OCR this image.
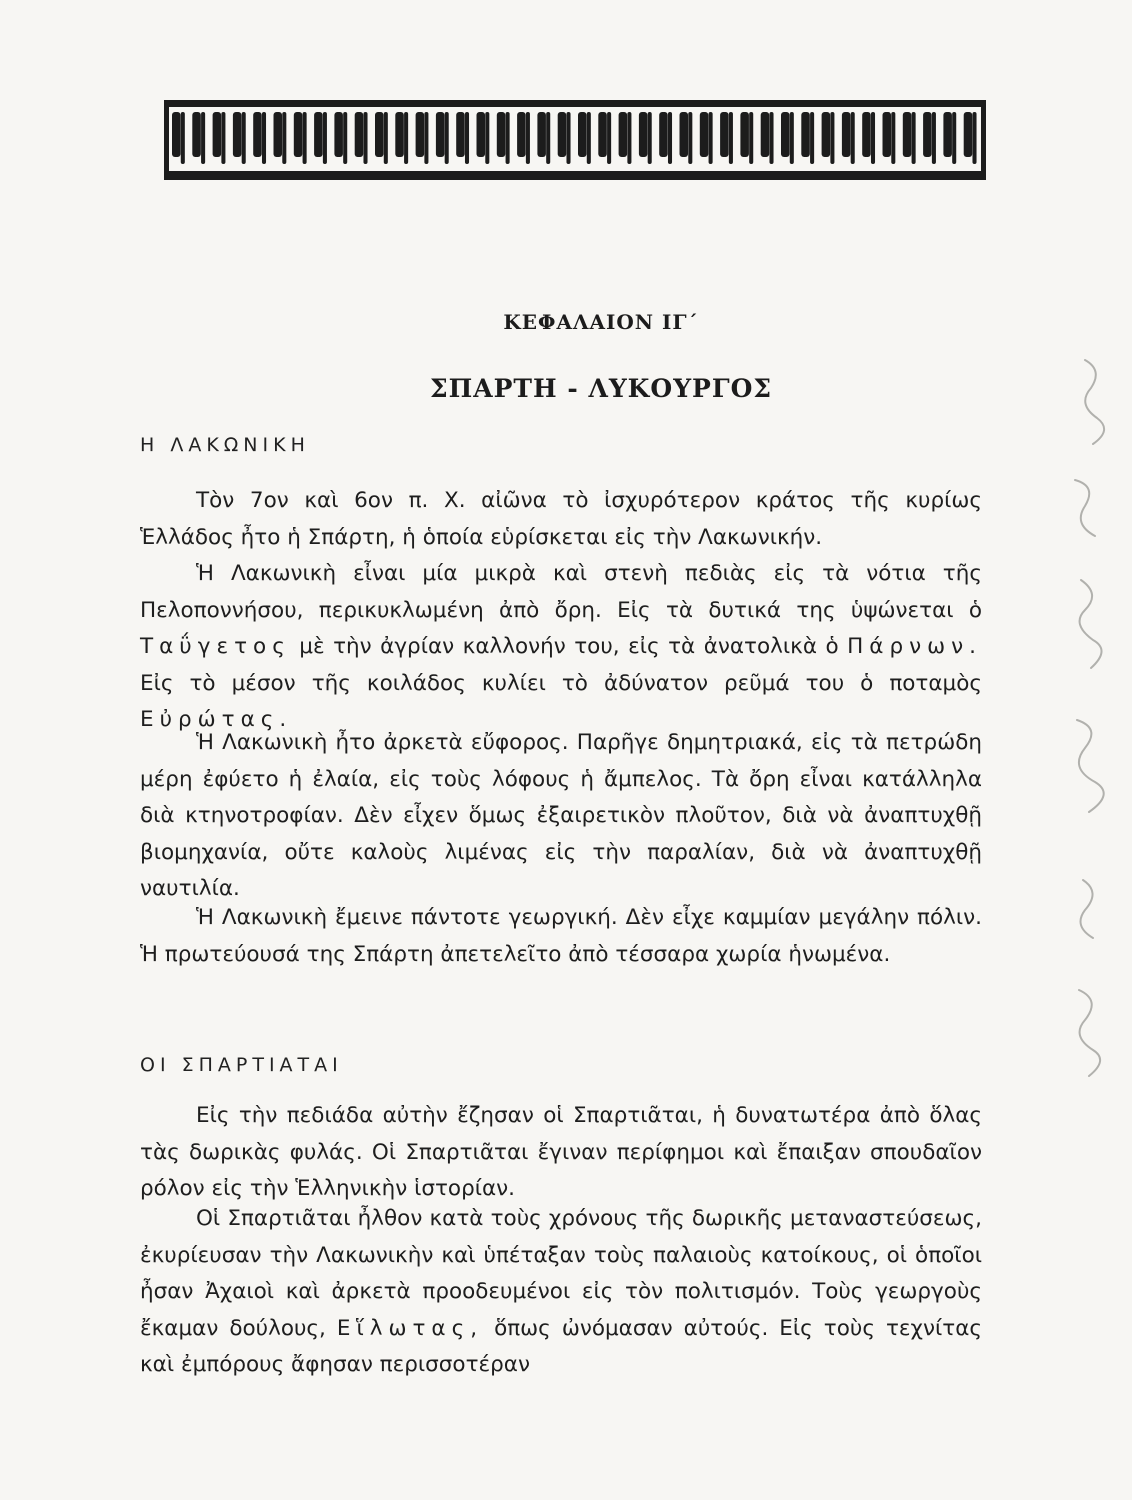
ΚΕΦΑΛΑΙΟΝ ΙΓ΄
ΣΠΑΡΤΗ - ΛΥΚΟΥΡΓΟΣ
Η ΛΑΚΩΝΙΚΗ

Τὸν 7ον καὶ 6ον π. Χ. αἰῶνα τὸ ἰσχυρότερον κράτος τῆς κυρίως Ἑλλάδος ἦτο ἡ Σπάρτη, ἡ ὁποία εὑρίσκεται εἰς τὴν Λακωνικήν.

Ἡ Λακωνικὴ εἶναι μία μικρὰ καὶ στενὴ πεδιὰς εἰς τὰ νότια τῆς Πελοποννήσου, περικυκλωμένη ἀπὸ ὄρη. Εἰς τὰ δυτικά της ὑψώνεται ὁ Ταΰγετος μὲ τὴν ἀγρίαν καλλονήν του, εἰς τὰ ἀνατολικὰ ὁ Πάρνων. Εἰς τὸ μέσον τῆς κοιλάδος κυλίει τὸ ἀδύνατον ρεῦμά του ὁ ποταμὸς Εὐρώτας.

Ἡ Λακωνικὴ ἦτο ἀρκετὰ εὔφορος. Παρῆγε δημητριακά, εἰς τὰ πετρώδη μέρη ἐφύετο ἡ ἐλαία, εἰς τοὺς λόφους ἡ ἄμπελος. Τὰ ὄρη εἶναι κατάλληλα διὰ κτηνοτροφίαν. Δὲν εἶχεν ὅμως ἐξαιρετικὸν πλοῦτον, διὰ νὰ ἀναπτυχθῇ βιομηχανία, οὔτε καλοὺς λιμένας εἰς τὴν παραλίαν, διὰ νὰ ἀναπτυχθῇ ναυτιλία.

Ἡ Λακωνικὴ ἔμεινε πάντοτε γεωργική. Δὲν εἶχε καμμίαν μεγάλην πόλιν. Ἡ πρωτεύουσά της Σπάρτη ἀπετελεῖτο ἀπὸ τέσσαρα χωρία ἡνωμένα.

ΟΙ ΣΠΑΡΤΙΑΤΑΙ

Εἰς τὴν πεδιάδα αὐτὴν ἔζησαν οἱ Σπαρτιᾶται, ἡ δυνατωτέρα ἀπὸ ὅλας τὰς δωρικὰς φυλάς. Οἱ Σπαρτιᾶται ἔγιναν περίφημοι καὶ ἔπαιξαν σπουδαῖον ρόλον εἰς τὴν Ἑλληνικὴν ἱστορίαν.

Οἱ Σπαρτιᾶται ἦλθον κατὰ τοὺς χρόνους τῆς δωρικῆς μεταναστεύσεως, ἐκυρίευσαν τὴν Λακωνικὴν καὶ ὑπέταξαν τοὺς παλαιοὺς κατοίκους, οἱ ὁποῖοι ἦσαν Ἀχαιοὶ καὶ ἀρκετὰ προοδευμένοι εἰς τὸν πολιτισμόν. Τοὺς γεωργοὺς ἔκαμαν δούλους, Εἵλωτας, ὅπως ὠνόμασαν αὐτούς. Εἰς τοὺς τεχνίτας καὶ ἐμπόρους ἄφησαν περισσοτέραν
